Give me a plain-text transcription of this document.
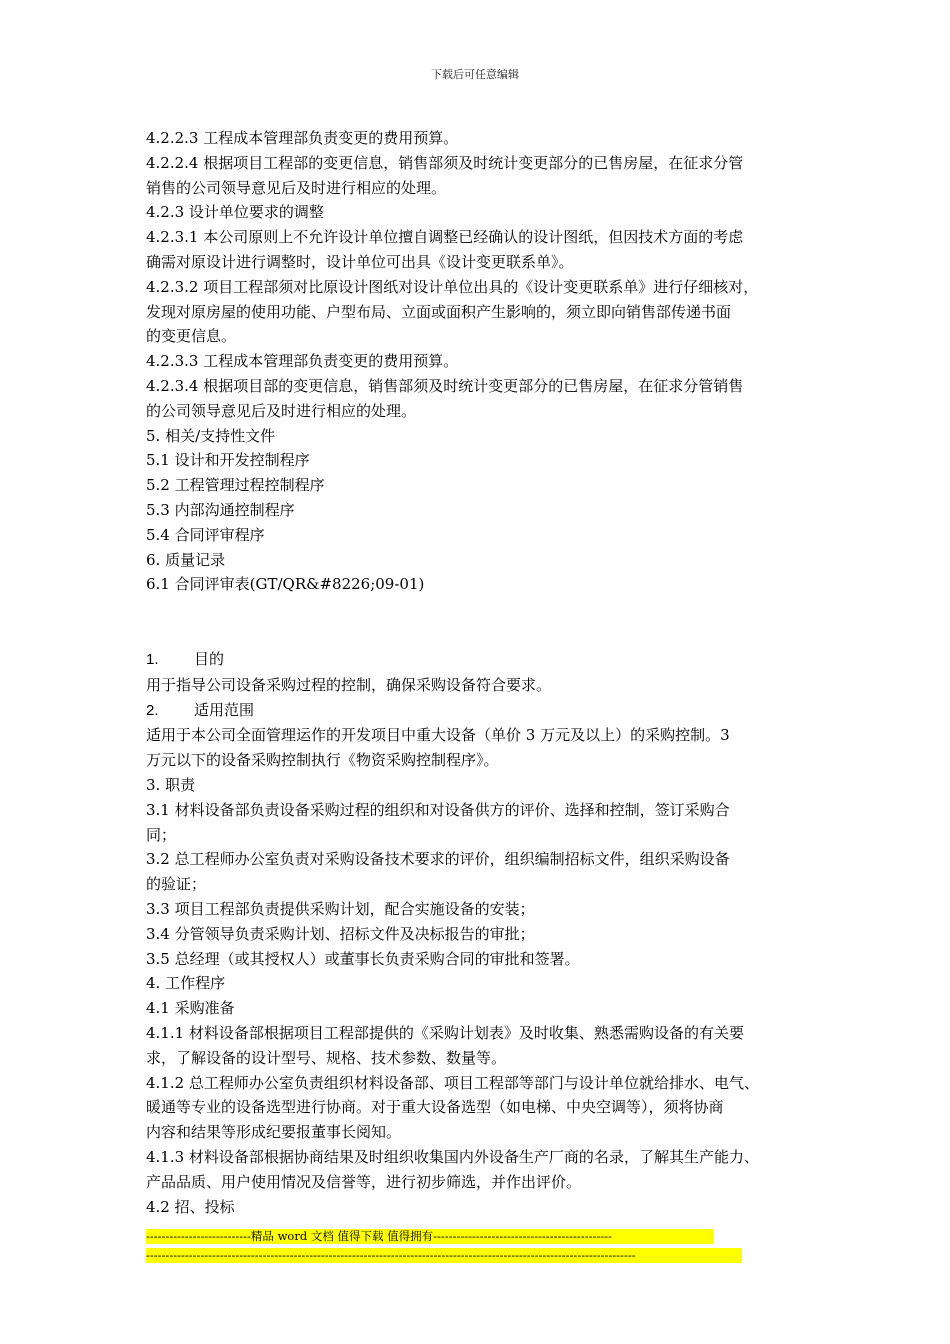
下载后可任意编辑

4.2.2.3 工程成本管理部负责变更的费用预算。

4.2.2.4 根据项目工程部的变更信息，销售部须及时统计变更部分的已售房屋，在征求分管

销售的公司领导意见后及时进行相应的处理。

4.2.3 设计单位要求的调整

4.2.3.1 本公司原则上不允许设计单位擅自调整已经确认的设计图纸，但因技术方面的考虑

确需对原设计进行调整时，设计单位可出具《设计变更联系单》。

4.2.3.2 项目工程部须对比原设计图纸对设计单位出具的《设计变更联系单》进行仔细核对，

发现对原房屋的使用功能、户型布局、立面或面积产生影响的，须立即向销售部传递书面

的变更信息。

4.2.3.3 工程成本管理部负责变更的费用预算。

4.2.3.4 根据项目部的变更信息，销售部须及时统计变更部分的已售房屋，在征求分管销售

的公司领导意见后及时进行相应的处理。

5. 相关/支持性文件

5.1 设计和开发控制程序

5.2 工程管理过程控制程序

5.3 内部沟通控制程序

5.4 合同评审程序

6. 质量记录

6.1 合同评审表(GT/QR&#8226;09-01)

1. 目的

用于指导公司设备采购过程的控制，确保采购设备符合要求。

2. 适用范围

适用于本公司全面管理运作的开发项目中重大设备（单价 3 万元及以上）的采购控制。3

万元以下的设备采购控制执行《物资采购控制程序》。

3. 职责

3.1 材料设备部负责设备采购过程的组织和对设备供方的评价、选择和控制，签订采购合

同；

3.2 总工程师办公室负责对采购设备技术要求的评价，组织编制招标文件，组织采购设备

的验证；

3.3 项目工程部负责提供采购计划，配合实施设备的安装；

3.4 分管领导负责采购计划、招标文件及决标报告的审批；

3.5 总经理（或其授权人）或董事长负责采购合同的审批和签署。

4. 工作程序

4.1 采购准备

4.1.1 材料设备部根据项目工程部提供的《采购计划表》及时收集、熟悉需购设备的有关要

求，了解设备的设计型号、规格、技术参数、数量等。

4.1.2 总工程师办公室负责组织材料设备部、项目工程部等部门与设计单位就给排水、电气、

暖通等专业的设备选型进行协商。对于重大设备选型（如电梯、中央空调等），须将协商

内容和结果等形成纪要报董事长阅知。

4.1.3 材料设备部根据协商结果及时组织收集国内外设备生产厂商的名录，了解其生产能力、

产品品质、用户使用情况及信誉等，进行初步筛选，并作出评价。

4.2 招、投标

---------------------------精品 word 文档 值得下载 值得拥有----------------------------------------------
------------------------------------------------------------------------------------------------------------------------------
